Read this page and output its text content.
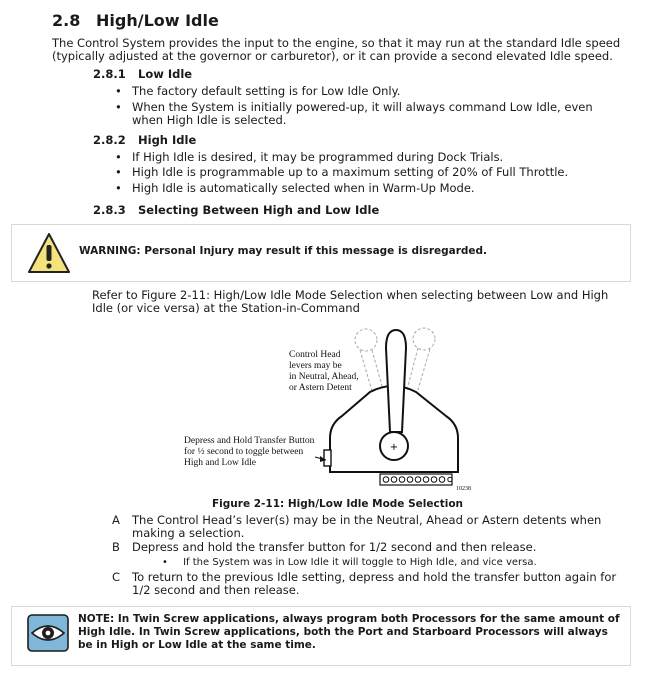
2.8 High/Low Idle
The Control System provides the input to the engine, so that it may run at the standard Idle speed (typically adjusted at the governor or carburetor), or it can provide a second elevated Idle speed.
2.8.1 Low Idle
• The factory default setting is for Low Idle Only.
• When the System is initially powered-up, it will always command Low Idle, even when High Idle is selected.
2.8.2 High Idle
• If High Idle is desired, it may be programmed during Dock Trials.
• High Idle is programmable up to a maximum setting of 20% of Full Throttle.
• High Idle is automatically selected when in Warm-Up Mode.
2.8.3 Selecting Between High and Low Idle
WARNING: Personal Injury may result if this message is disregarded.
Refer to Figure 2-11: High/Low Idle Mode Selection when selecting between Low and High Idle (or vice versa) at the Station-in-Command
+
Control Head
levers may be
in Neutral, Ahead,
or Astern Detent
Depress and Hold Transfer Button
for ½ second to toggle between
High and Low Idle
10238
Figure 2-11: High/Low Idle Mode Selection
A The Control Head’s lever(s) may be in the Neutral, Ahead or Astern detents when making a selection.
B Depress and hold the transfer button for 1/2 second and then release.
• If the System was in Low Idle it will toggle to High Idle, and vice versa.
C To return to the previous Idle setting, depress and hold the transfer button again for 1/2 second and then release.
NOTE: In Twin Screw applications, always program both Processors for the same amount of High Idle. In Twin Screw applications, both the Port and Starboard Processors will always be in High or Low Idle at the same time.
